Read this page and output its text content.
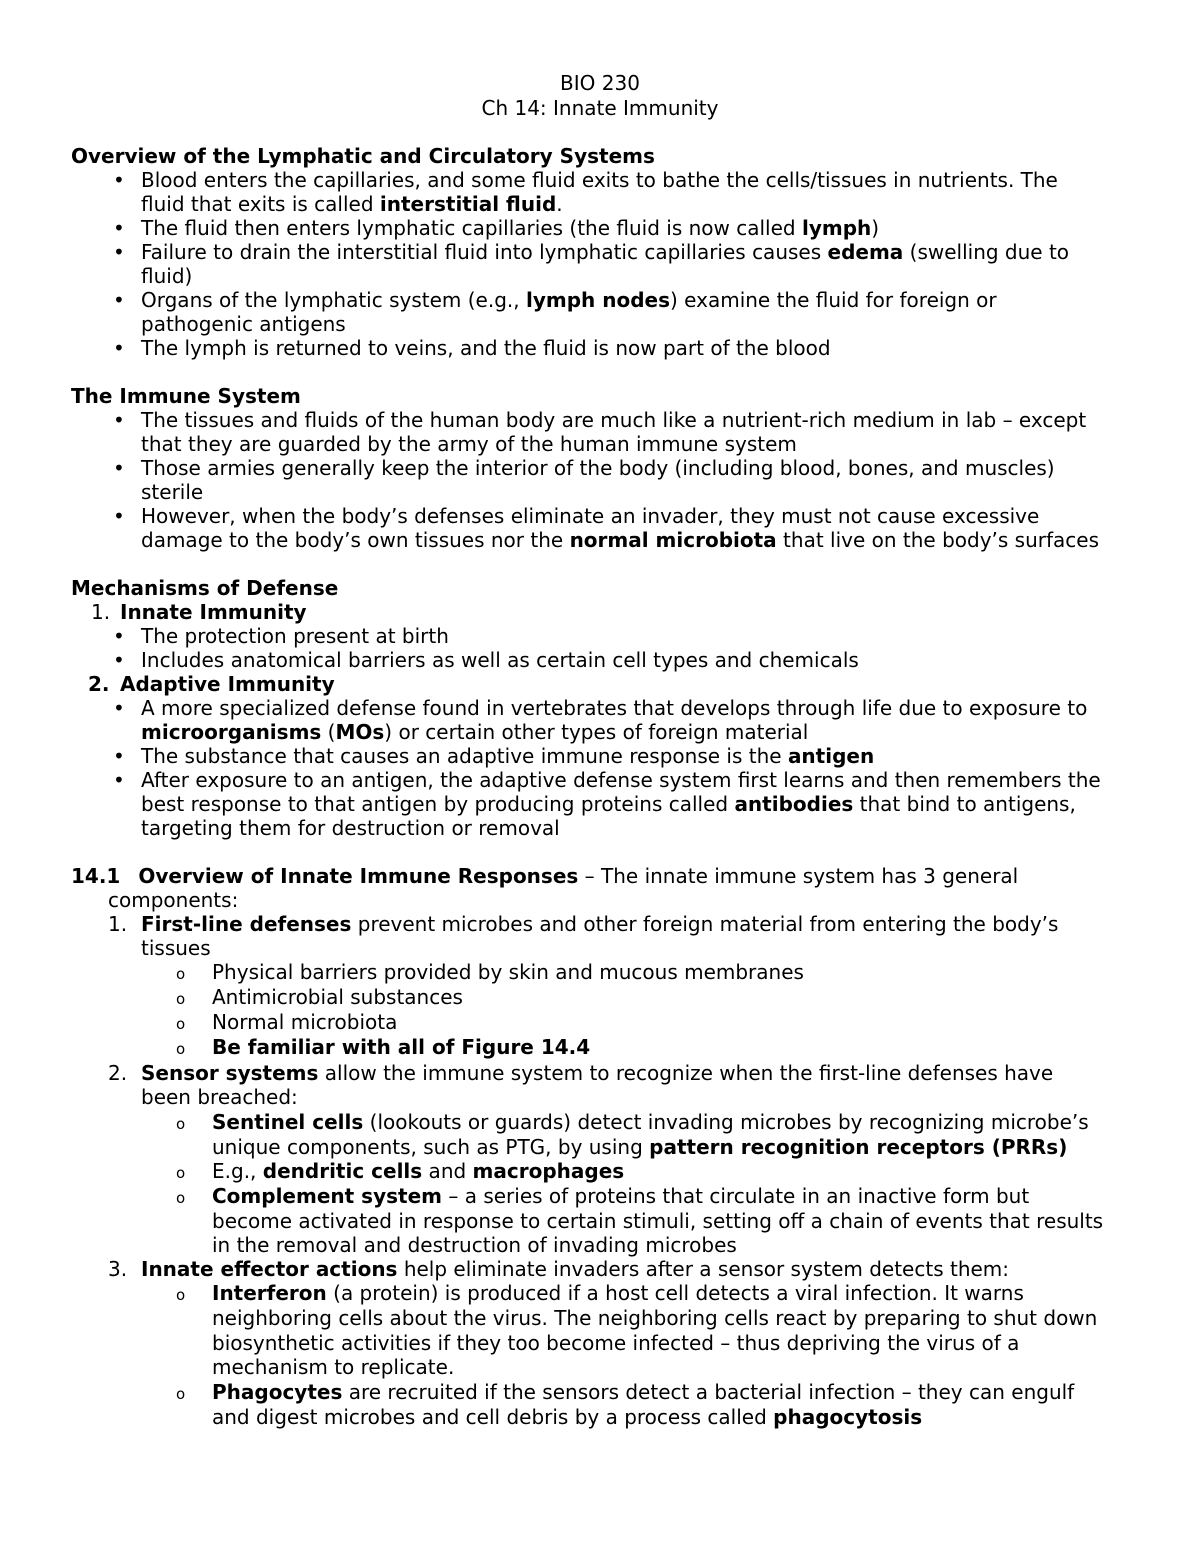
BIO 230
Ch 14: Innate Immunity
Overview of the Lymphatic and Circulatory Systems
•
Blood enters the capillaries, and some fluid exits to bathe the cells/tissues in nutrients. The
fluid that exits is called interstitial fluid.
•
The fluid then enters lymphatic capillaries (the fluid is now called lymph)
•
Failure to drain the interstitial fluid into lymphatic capillaries causes edema (swelling due to
fluid)
•
Organs of the lymphatic system (e.g., lymph nodes) examine the fluid for foreign or
pathogenic antigens
•
The lymph is returned to veins, and the fluid is now part of the blood
The Immune System
•
The tissues and fluids of the human body are much like a nutrient-rich medium in lab – except
that they are guarded by the army of the human immune system
•
Those armies generally keep the interior of the body (including blood, bones, and muscles)
sterile
•
However, when the body’s defenses eliminate an invader, they must not cause excessive
damage to the body’s own tissues nor the normal microbiota that live on the body’s surfaces
Mechanisms of Defense
1. Innate Immunity
•
The protection present at birth
•
Includes anatomical barriers as well as certain cell types and chemicals
2. Adaptive Immunity
•
A more specialized defense found in vertebrates that develops through life due to exposure to
microorganisms (MOs) or certain other types of foreign material
•
The substance that causes an adaptive immune response is the antigen
•
After exposure to an antigen, the adaptive defense system first learns and then remembers the
best response to that antigen by producing proteins called antibodies that bind to antigens,
targeting them for destruction or removal
14.1 Overview of Innate Immune Responses – The innate immune system has 3 general
components:
1. First-line defenses prevent microbes and other foreign material from entering the body’s
tissues
o Physical barriers provided by skin and mucous membranes
o Antimicrobial substances
o Normal microbiota
o Be familiar with all of Figure 14.4
2. Sensor systems allow the immune system to recognize when the first-line defenses have
been breached:
o Sentinel cells (lookouts or guards) detect invading microbes by recognizing microbe’s
unique components, such as PTG, by using pattern recognition receptors (PRRs)
o E.g., dendritic cells and macrophages
o Complement system – a series of proteins that circulate in an inactive form but
become activated in response to certain stimuli, setting off a chain of events that results
in the removal and destruction of invading microbes
3. Innate effector actions help eliminate invaders after a sensor system detects them:
o Interferon (a protein) is produced if a host cell detects a viral infection. It warns
neighboring cells about the virus. The neighboring cells react by preparing to shut down
biosynthetic activities if they too become infected – thus depriving the virus of a
mechanism to replicate.
o Phagocytes are recruited if the sensors detect a bacterial infection – they can engulf
and digest microbes and cell debris by a process called phagocytosis
